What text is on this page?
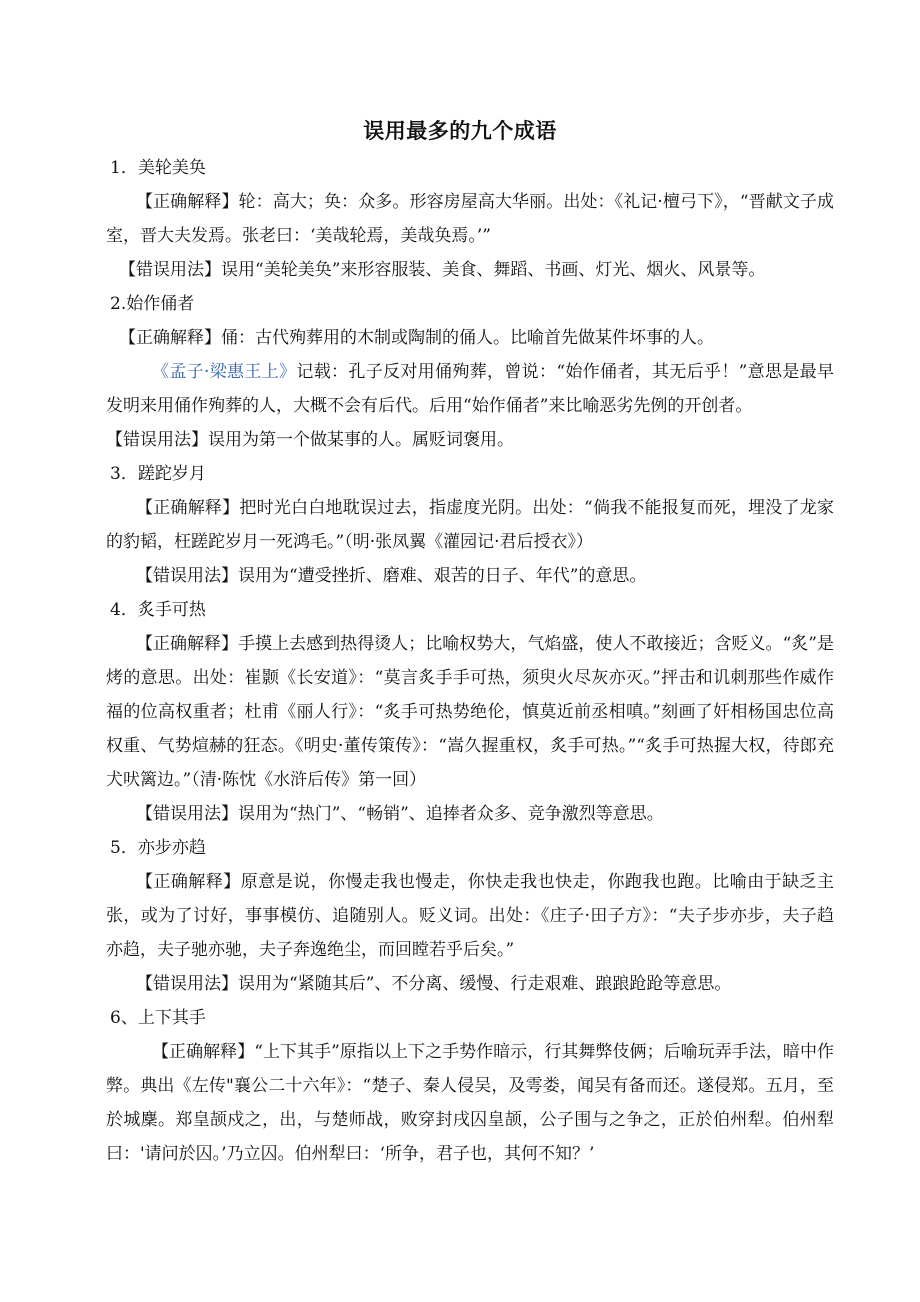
误用最多的九个成语

1．美轮美奂

【正确解释】轮：高大；奂：众多。形容房屋高大华丽。出处：《礼记·檀弓下》，“晋献文子成室，晋大夫发焉。张老曰：‘美哉轮焉，美哉奂焉。’”

【错误用法】误用“美轮美奂”来形容服装、美食、舞蹈、书画、灯光、烟火、风景等。

2.始作俑者

【正确解释】俑：古代殉葬用的木制或陶制的俑人。比喻首先做某件坏事的人。

《孟子·梁惠王上》记载：孔子反对用俑殉葬，曾说：“始作俑者，其无后乎！”意思是最早发明来用俑作殉葬的人，大概不会有后代。后用“始作俑者”来比喻恶劣先例的开创者。

【错误用法】误用为第一个做某事的人。属贬词褒用。

3．蹉跎岁月

【正确解释】把时光白白地耽误过去，指虚度光阴。出处：“倘我不能报复而死，埋没了龙家的豹韬，枉蹉跎岁月一死鸿毛。”（明·张凤翼《灌园记·君后授衣》）

【错误用法】误用为“遭受挫折、磨难、艰苦的日子、年代”的意思。

4．炙手可热

【正确解释】手摸上去感到热得烫人；比喻权势大，气焰盛，使人不敢接近；含贬义。“炙”是烤的意思。出处：崔颢《长安道》：“莫言炙手手可热，须臾火尽灰亦灭。”抨击和讥刺那些作威作福的位高权重者；杜甫《丽人行》：“炙手可热势绝伦，慎莫近前丞相嗔。”刻画了奸相杨国忠位高权重、气势煊赫的狂态。《明史·董传策传》：“嵩久握重权，炙手可热。”“炙手可热握大权，待郎充犬吠篱边。”（清·陈忱《水浒后传》第一回）

【错误用法】误用为“热门”、“畅销”、追捧者众多、竞争激烈等意思。

5．亦步亦趋

【正确解释】原意是说，你慢走我也慢走，你快走我也快走，你跑我也跑。比喻由于缺乏主张，或为了讨好，事事模仿、追随别人。贬义词。出处：《庄子·田子方》：“夫子步亦步，夫子趋亦趋，夫子驰亦驰，夫子奔逸绝尘，而回瞠若乎后矣。”

【错误用法】误用为“紧随其后”、不分离、缓慢、行走艰难、踉踉跄跄等意思。

6、上下其手

【正确解释】“上下其手”原指以上下之手势作暗示，行其舞弊伎俩；后喻玩弄手法，暗中作弊。典出《左传"襄公二十六年》：“楚子、秦人侵吴，及雩娄，闻吴有备而还。遂侵郑。五月，至於城麇。郑皇颉戍之，出，与楚师战，败穿封戌囚皇颉，公子围与之争之，正於伯州犁。伯州犁曰：'请问於囚。’乃立囚。伯州犁曰：‘所争，君子也，其何不知？’
